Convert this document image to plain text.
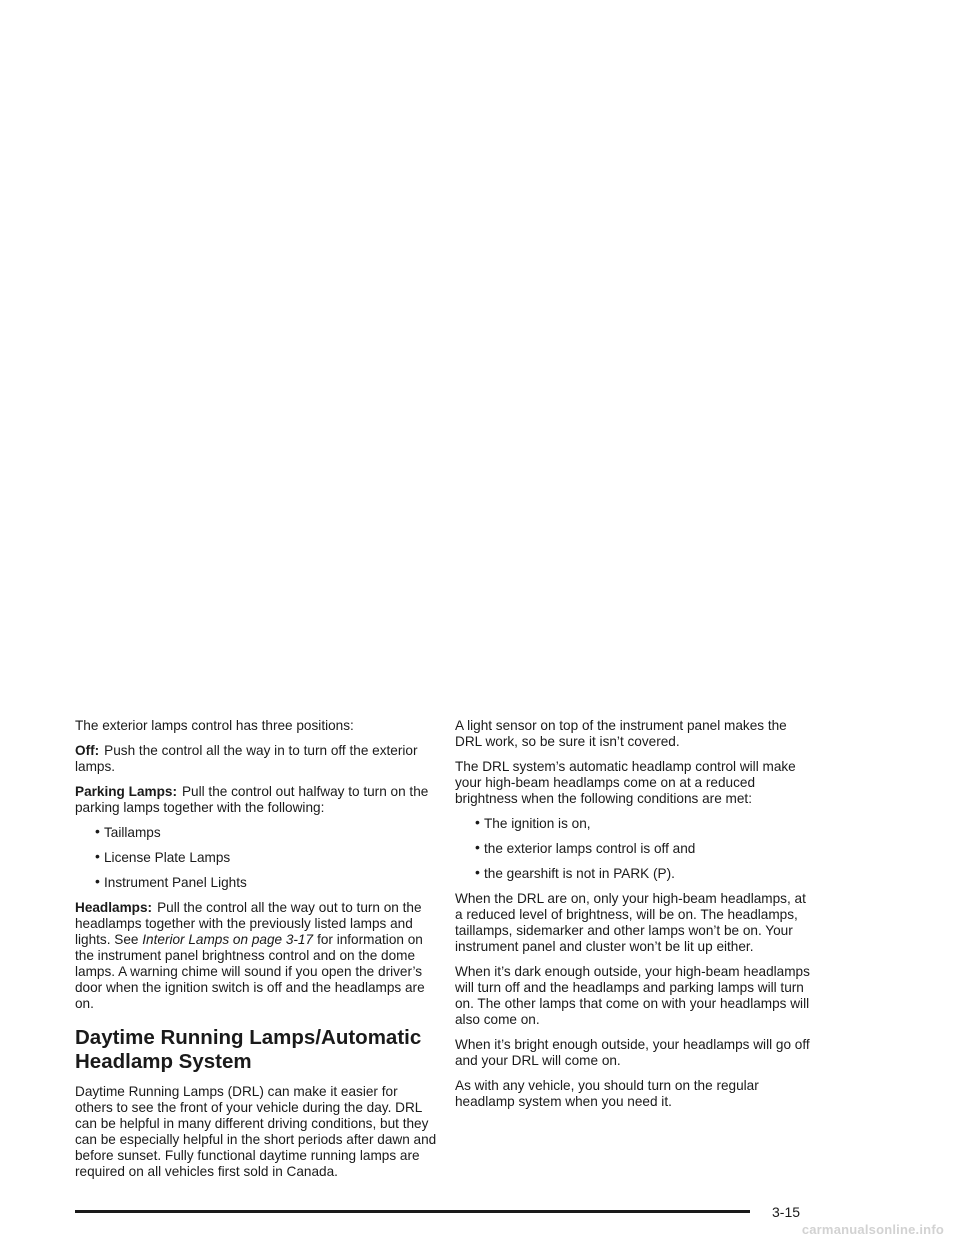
The exterior lamps control has three positions:

Off: Push the control all the way in to turn off the exterior lamps.

Parking Lamps: Pull the control out halfway to turn on the parking lamps together with the following:

• Taillamps
• License Plate Lamps
• Instrument Panel Lights

Headlamps: Pull the control all the way out to turn on the headlamps together with the previously listed lamps and lights. See Interior Lamps on page 3-17 for information on the instrument panel brightness control and on the dome lamps. A warning chime will sound if you open the driver’s door when the ignition switch is off and the headlamps are on.

Daytime Running Lamps/Automatic
Headlamp System

Daytime Running Lamps (DRL) can make it easier for others to see the front of your vehicle during the day. DRL can be helpful in many different driving conditions, but they can be especially helpful in the short periods after dawn and before sunset. Fully functional daytime running lamps are required on all vehicles first sold in Canada.

A light sensor on top of the instrument panel makes the DRL work, so be sure it isn’t covered.

The DRL system’s automatic headlamp control will make your high-beam headlamps come on at a reduced brightness when the following conditions are met:

• The ignition is on,
• the exterior lamps control is off and
• the gearshift is not in PARK (P).

When the DRL are on, only your high-beam headlamps, at a reduced level of brightness, will be on. The headlamps, taillamps, sidemarker and other lamps won’t be on. Your instrument panel and cluster won’t be lit up either.

When it’s dark enough outside, your high-beam headlamps will turn off and the headlamps and parking lamps will turn on. The other lamps that come on with your headlamps will also come on.

When it’s bright enough outside, your headlamps will go off and your DRL will come on.

As with any vehicle, you should turn on the regular headlamp system when you need it.

3-15
carmanualsonline.info
